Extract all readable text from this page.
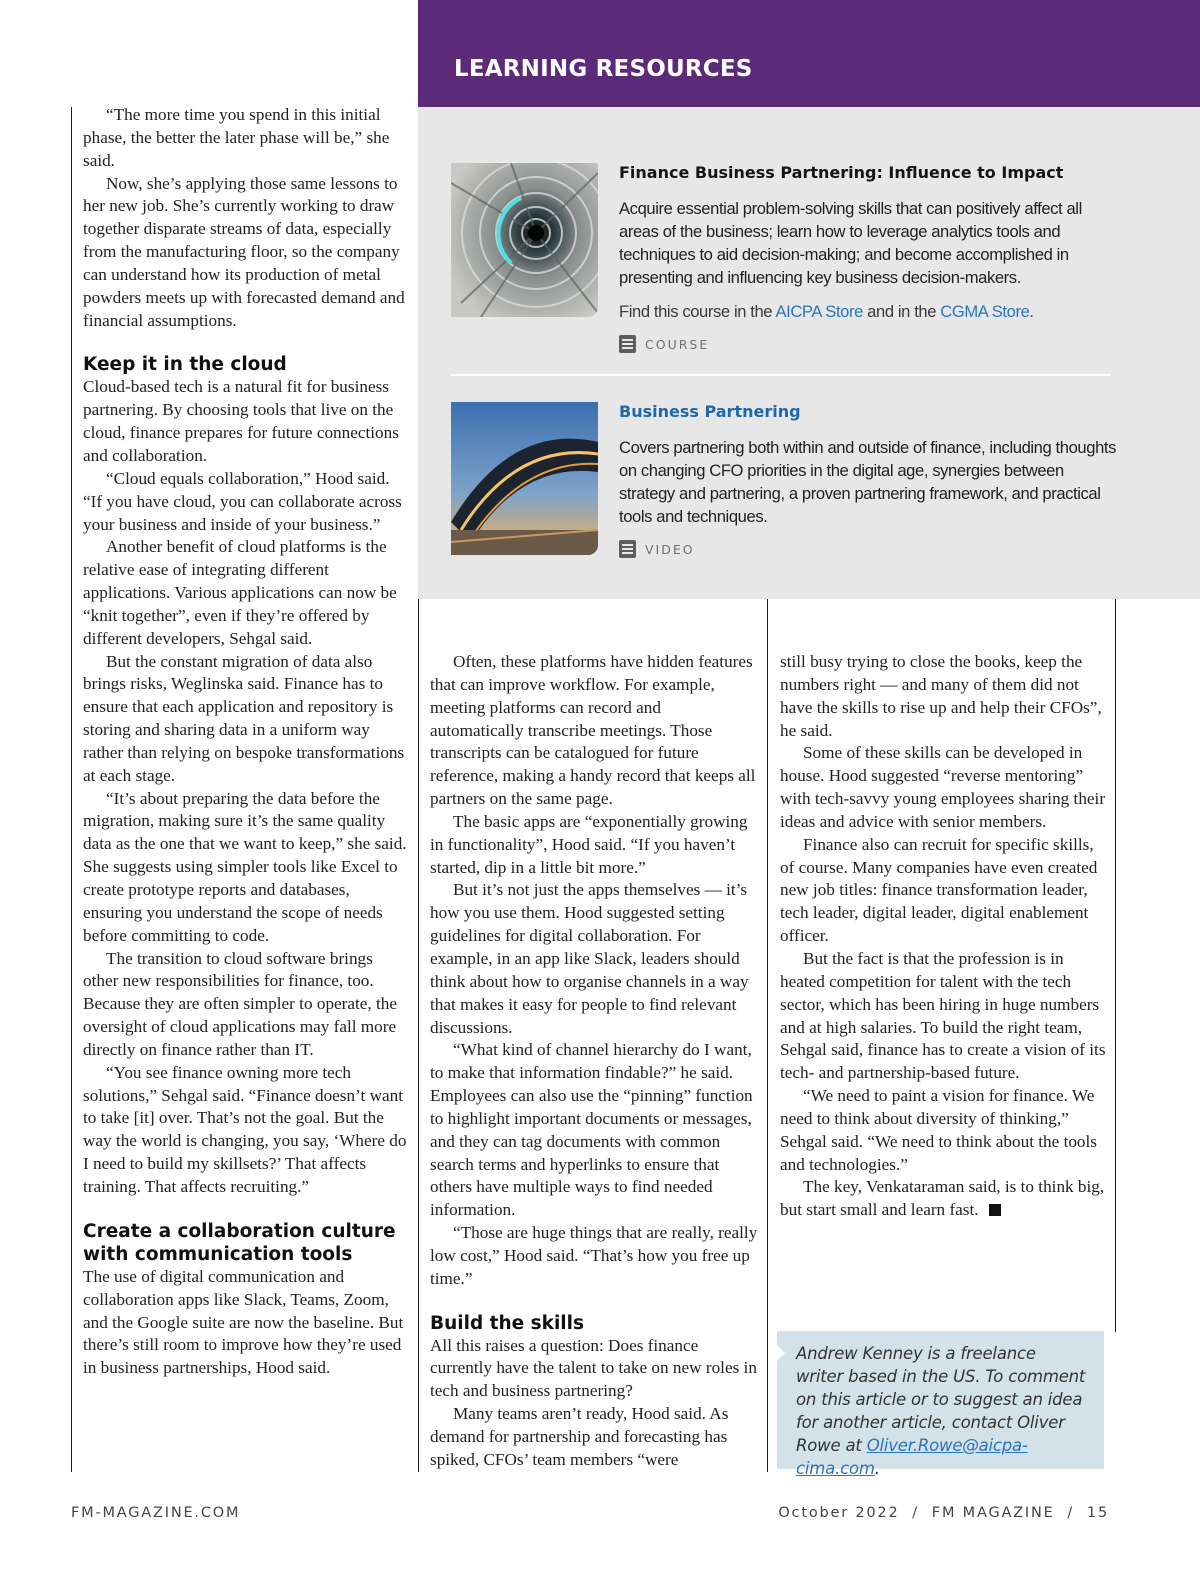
LEARNING RESOURCES
Finance Business Partnering: Influence to Impact
Acquire essential problem-solving skills that can positively affect all areas of the business; learn how to leverage analytics tools and techniques to aid decision-making; and become accomplished in presenting and influencing key business decision-makers.
Find this course in the AICPA Store and in the CGMA Store.
COURSE
Business Partnering
Covers partnering both within and outside of finance, including thoughts on changing CFO priorities in the digital age, synergies between strategy and partnering, a proven partnering framework, and practical tools and techniques.
VIDEO

“The more time you spend in this initial phase, the better the later phase will be,” she said.

Now, she’s applying those same lessons to her new job. She’s currently working to draw together disparate streams of data, especially from the manufacturing floor, so the company can understand how its production of metal powders meets up with forecasted demand and financial assumptions.

Keep it in the cloud

Cloud-based tech is a natural fit for business partnering. By choosing tools that live on the cloud, finance prepares for future connections and collaboration.

“Cloud equals collaboration,” Hood said. “If you have cloud, you can collaborate across your business and inside of your business.”

Another benefit of cloud platforms is the relative ease of integrating different applications. Various applications can now be “knit together”, even if they’re offered by different developers, Sehgal said.

But the constant migration of data also brings risks, Weglinska said. Finance has to ensure that each application and repository is storing and sharing data in a uniform way rather than relying on bespoke transformations at each stage.

“It’s about preparing the data before the migration, making sure it’s the same quality data as the one that we want to keep,” she said. She suggests using simpler tools like Excel to create prototype reports and databases, ensuring you understand the scope of needs before committing to code.

The transition to cloud software brings other new responsibilities for finance, too. Because they are often simpler to operate, the oversight of cloud applications may fall more directly on finance rather than IT.

“You see finance owning more tech solutions,” Sehgal said. “Finance doesn’t want to take [it] over. That’s not the goal. But the way the world is changing, you say, ‘Where do I need to build my skillsets?’ That affects training. That affects recruiting.”

Create a collaboration culture with communication tools

The use of digital communication and collaboration apps like Slack, Teams, Zoom, and the Google suite are now the baseline. But there’s still room to improve how they’re used in business partnerships, Hood said.

Often, these platforms have hidden features that can improve workflow. For example, meeting platforms can record and automatically transcribe meetings. Those transcripts can be catalogued for future reference, making a handy record that keeps all partners on the same page.

The basic apps are “exponentially growing in functionality”, Hood said. “If you haven’t started, dip in a little bit more.”

But it’s not just the apps themselves — it’s how you use them. Hood suggested setting guidelines for digital collaboration. For example, in an app like Slack, leaders should think about how to organise channels in a way that makes it easy for people to find relevant discussions.

“What kind of channel hierarchy do I want, to make that information findable?” he said. Employees can also use the “pinning” function to highlight important documents or messages, and they can tag documents with common search terms and hyperlinks to ensure that others have multiple ways to find needed information.

“Those are huge things that are really, really low cost,” Hood said. “That’s how you free up time.”

Build the skills

All this raises a question: Does finance currently have the talent to take on new roles in tech and business partnering?

Many teams aren’t ready, Hood said. As demand for partnership and forecasting has spiked, CFOs’ team members “were

still busy trying to close the books, keep the numbers right — and many of them did not have the skills to rise up and help their CFOs”, he said.

Some of these skills can be developed in house. Hood suggested “reverse mentoring” with tech-savvy young employees sharing their ideas and advice with senior members.

Finance also can recruit for specific skills, of course. Many companies have even created new job titles: finance transformation leader, tech leader, digital leader, digital enablement officer.

But the fact is that the profession is in heated competition for talent with the tech sector, which has been hiring in huge numbers and at high salaries. To build the right team, Sehgal said, finance has to create a vision of its tech- and partnership-based future.

“We need to paint a vision for finance. We need to think about diversity of thinking,” Sehgal said. “We need to think about the tools and technologies.”

The key, Venkataraman said, is to think big, but start small and learn fast.

Andrew Kenney is a freelance writer based in the US. To comment on this article or to suggest an idea for another article, contact Oliver Rowe at Oliver.Rowe@aicpa-cima.com.
FM-MAGAZINE.COM	October 2022  /  FM MAGAZINE  /  15
